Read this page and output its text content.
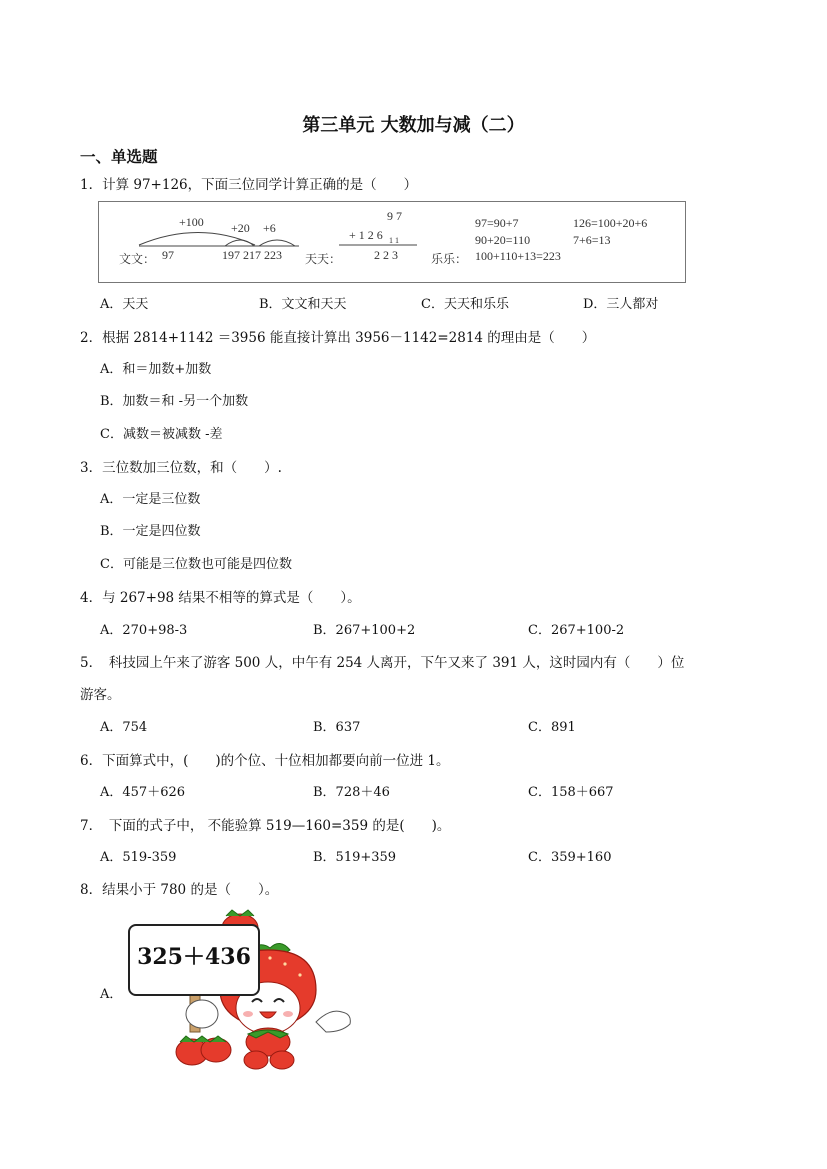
第三单元 大数加与减（二）
一、单选题
1．计算 97+126，下面三位同学计算正确的是（　　）
+100 +20 +6
文文： 97	197 217 223
9 7
+ 1 2 6 1 1
天天：	2 2 3
97=90+7	126=100+20+6
90+20=110	7+6=13
乐乐： 100+110+13=223
A．天天	B．文文和天天	C．天天和乐乐	D．三人都对
2．根据 2814+1142 ＝3956 能直接计算出 3956－1142=2814 的理由是（　　）
A．和＝加数+加数
B．加数＝和 -另一个加数
C．减数＝被减数 -差
3．三位数加三位数，和（　　）.
A．一定是三位数
B．一定是四位数
C．可能是三位数也可能是四位数
4．与 267+98 结果不相等的算式是（　　）。
A．270+98-3	B．267+100+2	C．267+100-2
5．　科技园上午来了游客 500 人，中午有 254 人离开，下午又来了 391 人，这时园内有（　　）位
游客。
A．754	B．637	C．891
6．下面算式中，(　　)的个位、十位相加都要向前一位进 1。
A．457＋626	B．728＋46	C．158＋667
7．　下面的式子中， 不能验算 519—160=359 的是(　　)。
A．519-359	B．519+359	C．359+160
8．结果小于 780 的是（　　）。
A．
325＋436
